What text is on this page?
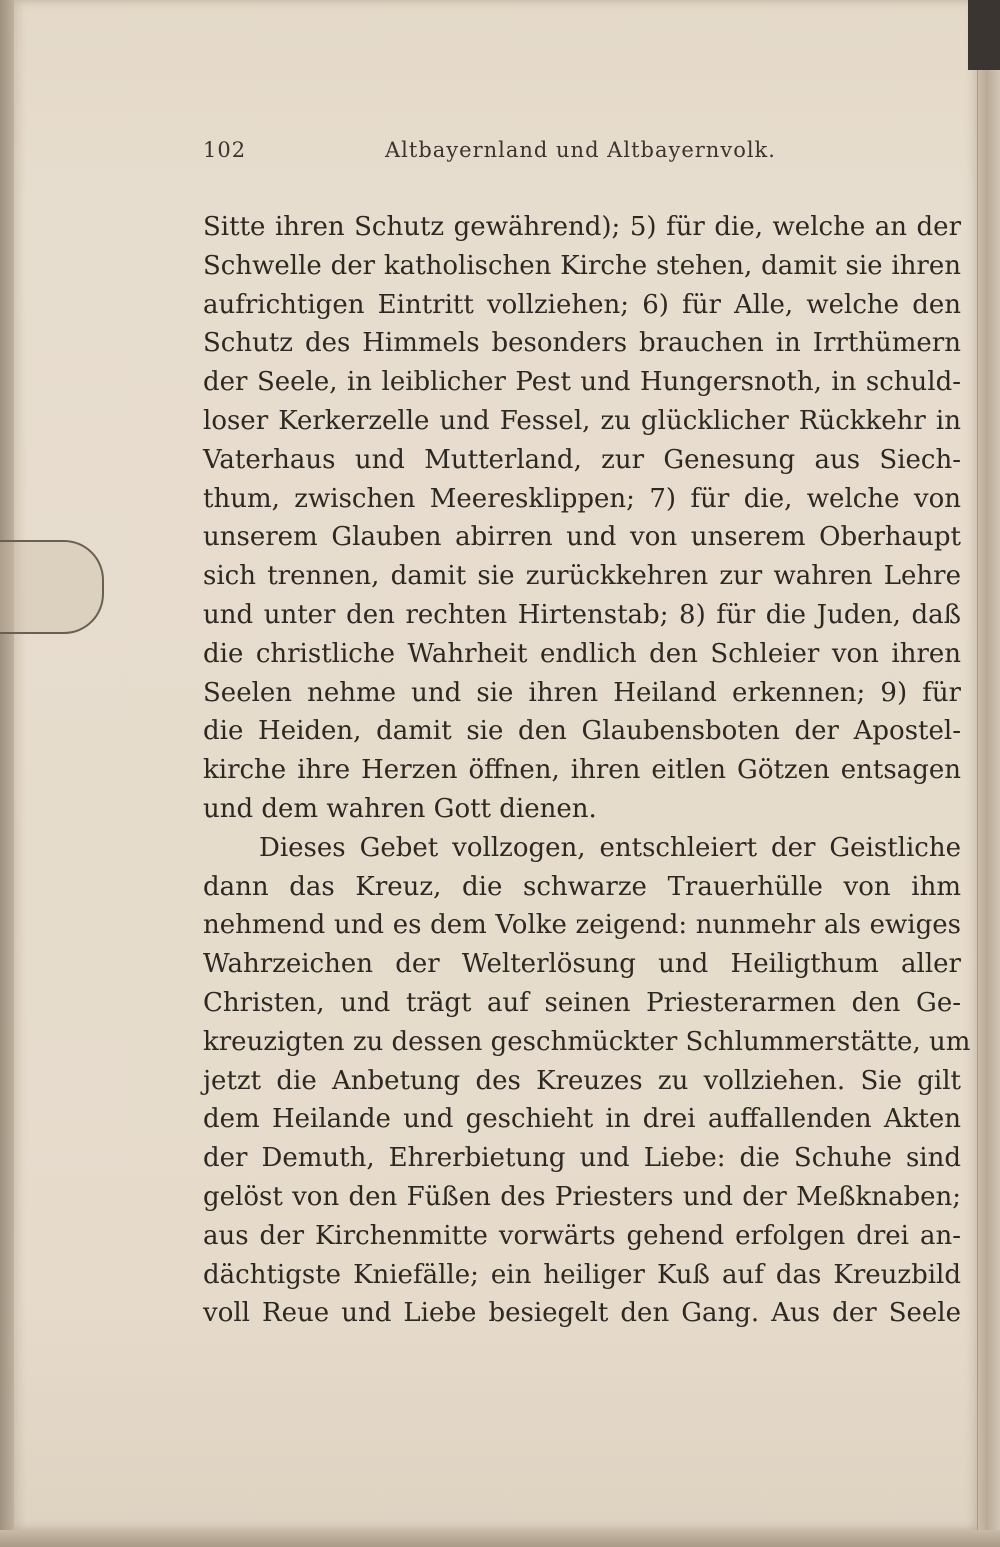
102	Altbayernland und Altbayernvolk.
Sitte ihren Schutz gewährend); 5) für die, welche an der
Schwelle der katholischen Kirche stehen, damit sie ihren
aufrichtigen Eintritt vollziehen; 6) für Alle, welche den
Schutz des Himmels besonders brauchen in Irrthümern
der Seele, in leiblicher Pest und Hungersnoth, in schuld-
loser Kerkerzelle und Fessel, zu glücklicher Rückkehr in
Vaterhaus und Mutterland, zur Genesung aus Siech-
thum, zwischen Meeresklippen; 7) für die, welche von
unserem Glauben abirren und von unserem Oberhaupt
sich trennen, damit sie zurückkehren zur wahren Lehre
und unter den rechten Hirtenstab; 8) für die Juden, daß
die christliche Wahrheit endlich den Schleier von ihren
Seelen nehme und sie ihren Heiland erkennen; 9) für
die Heiden, damit sie den Glaubensboten der Apostel-
kirche ihre Herzen öffnen, ihren eitlen Götzen entsagen
und dem wahren Gott dienen.
Dieses Gebet vollzogen, entschleiert der Geistliche
dann das Kreuz, die schwarze Trauerhülle von ihm
nehmend und es dem Volke zeigend: nunmehr als ewiges
Wahrzeichen der Welterlösung und Heiligthum aller
Christen, und trägt auf seinen Priesterarmen den Ge-
kreuzigten zu dessen geschmückter Schlummerstätte, um
jetzt die Anbetung des Kreuzes zu vollziehen. Sie gilt
dem Heilande und geschieht in drei auffallenden Akten
der Demuth, Ehrerbietung und Liebe: die Schuhe sind
gelöst von den Füßen des Priesters und der Meßknaben;
aus der Kirchenmitte vorwärts gehend erfolgen drei an-
dächtigste Kniefälle; ein heiliger Kuß auf das Kreuzbild
voll Reue und Liebe besiegelt den Gang. Aus der Seele
